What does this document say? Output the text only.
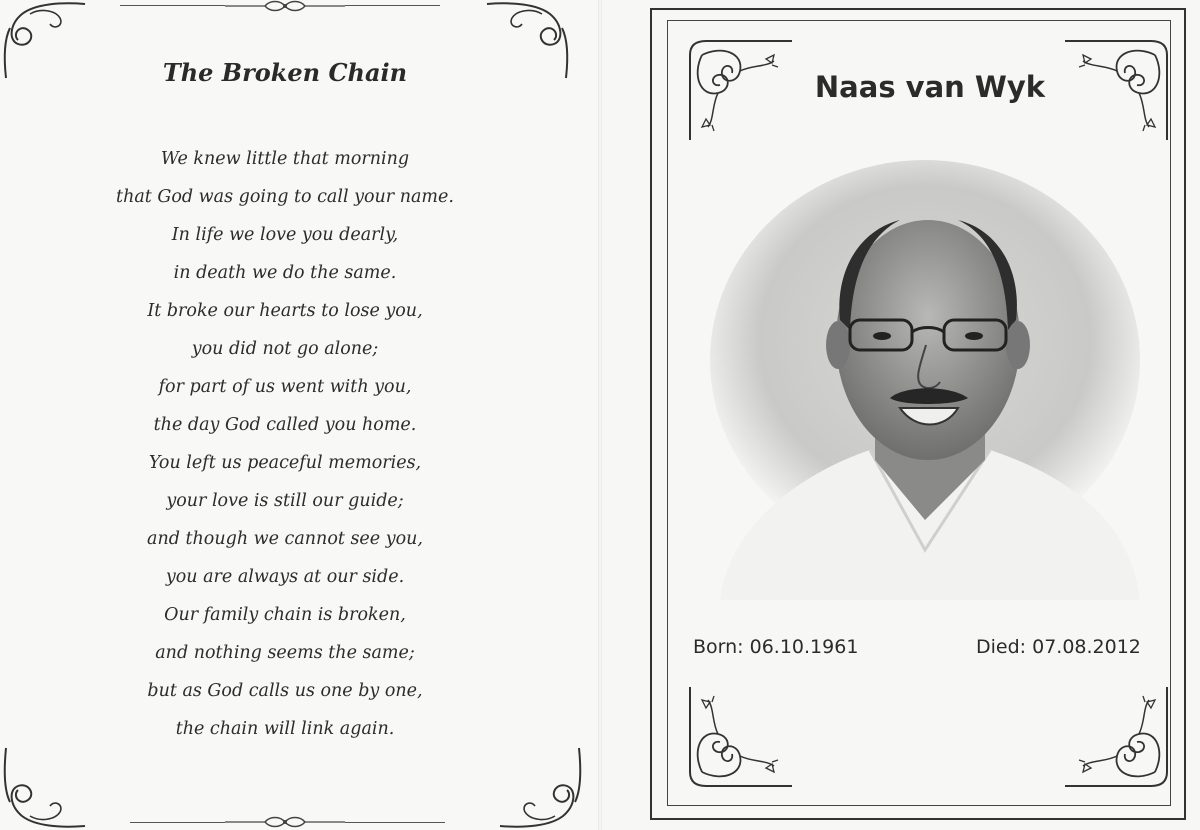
The Broken Chain
We knew little that morning
that God was going to call your name.
In life we love you dearly,
in death we do the same.
It broke our hearts to lose you,
you did not go alone;
for part of us went with you,
the day God called you home.
You left us peaceful memories,
your love is still our guide;
and though we cannot see you,
you are always at our side.
Our family chain is broken,
and nothing seems the same;
but as God calls us one by one,
the chain will link again.
Naas van Wyk
Born: 06.10.1961	Died: 07.08.2012
